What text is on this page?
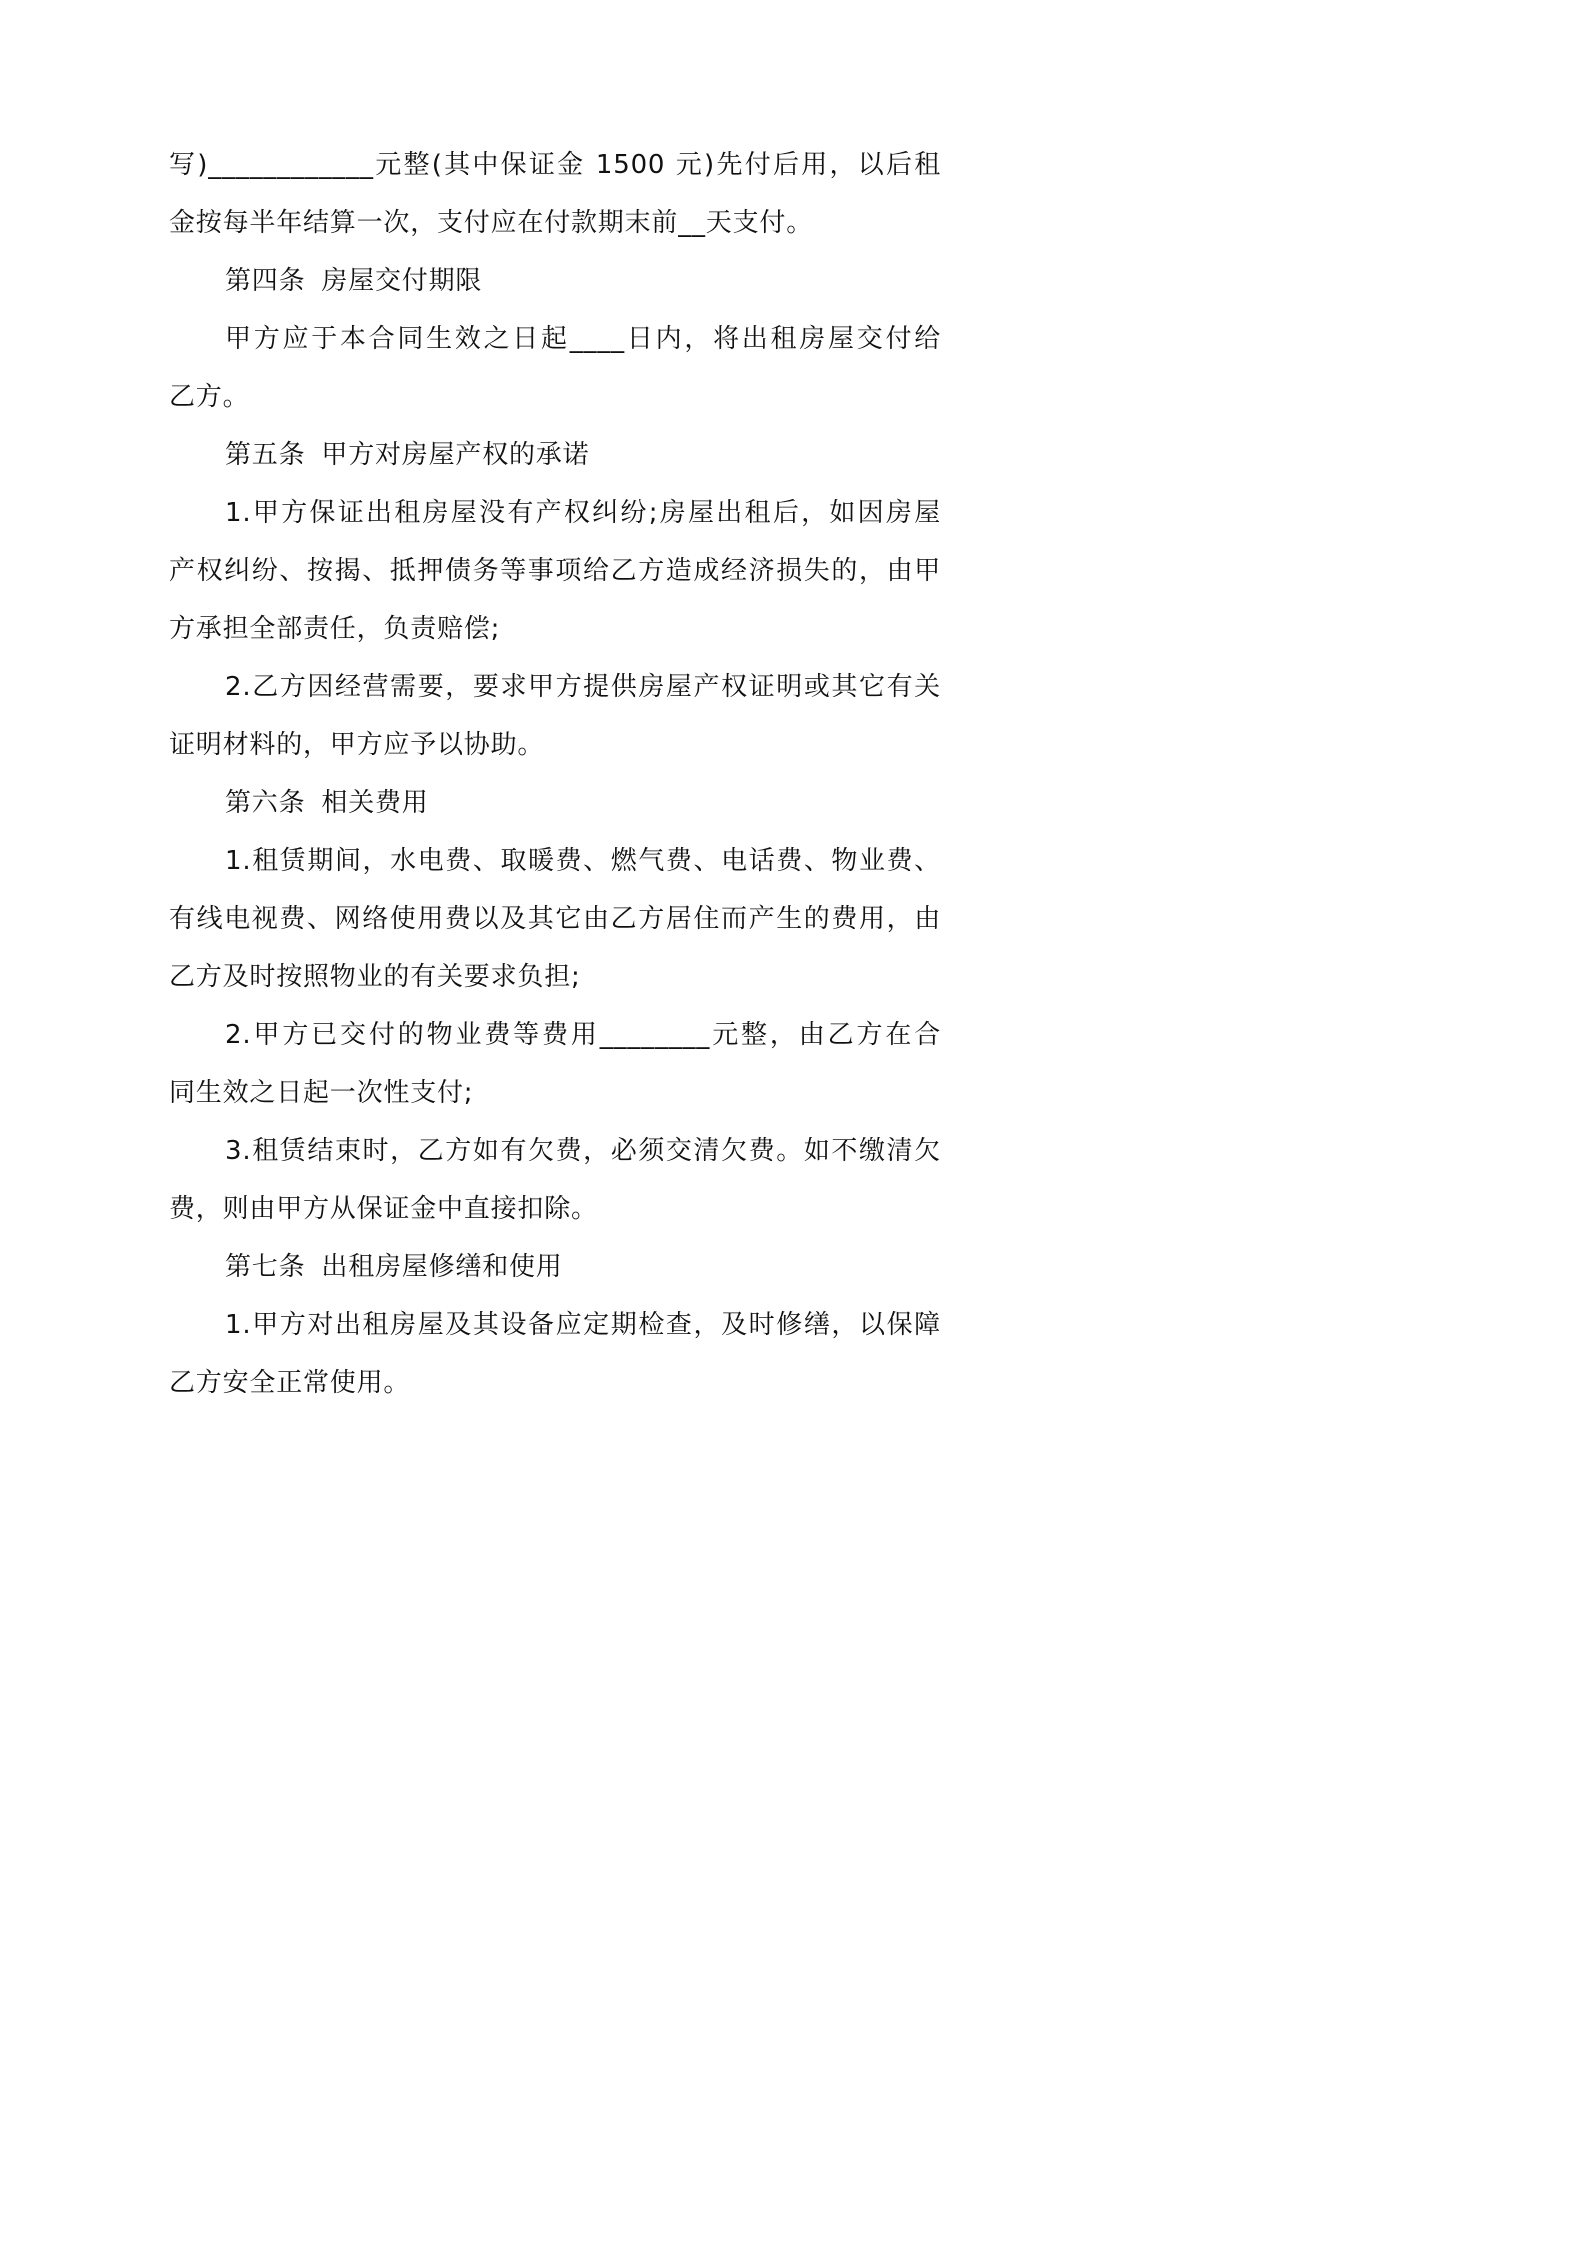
写)____________元整(其中保证金 1500 元)先付后用，以后租
金按每半年结算一次，支付应在付款期末前__天支付。
第四条 房屋交付期限
甲方应于本合同生效之日起____日内，将出租房屋交付给
乙方。
第五条 甲方对房屋产权的承诺
1.甲方保证出租房屋没有产权纠纷;房屋出租后，如因房屋
产权纠纷、按揭、抵押债务等事项给乙方造成经济损失的，由甲
方承担全部责任，负责赔偿;
2.乙方因经营需要，要求甲方提供房屋产权证明或其它有关
证明材料的，甲方应予以协助。
第六条 相关费用
1.租赁期间，水电费、取暖费、燃气费、电话费、物业费、
有线电视费、网络使用费以及其它由乙方居住而产生的费用，由
乙方及时按照物业的有关要求负担;
2.甲方已交付的物业费等费用________元整，由乙方在合
同生效之日起一次性支付;
3.租赁结束时，乙方如有欠费，必须交清欠费。如不缴清欠
费，则由甲方从保证金中直接扣除。
第七条 出租房屋修缮和使用
1.甲方对出租房屋及其设备应定期检查，及时修缮，以保障
乙方安全正常使用。
